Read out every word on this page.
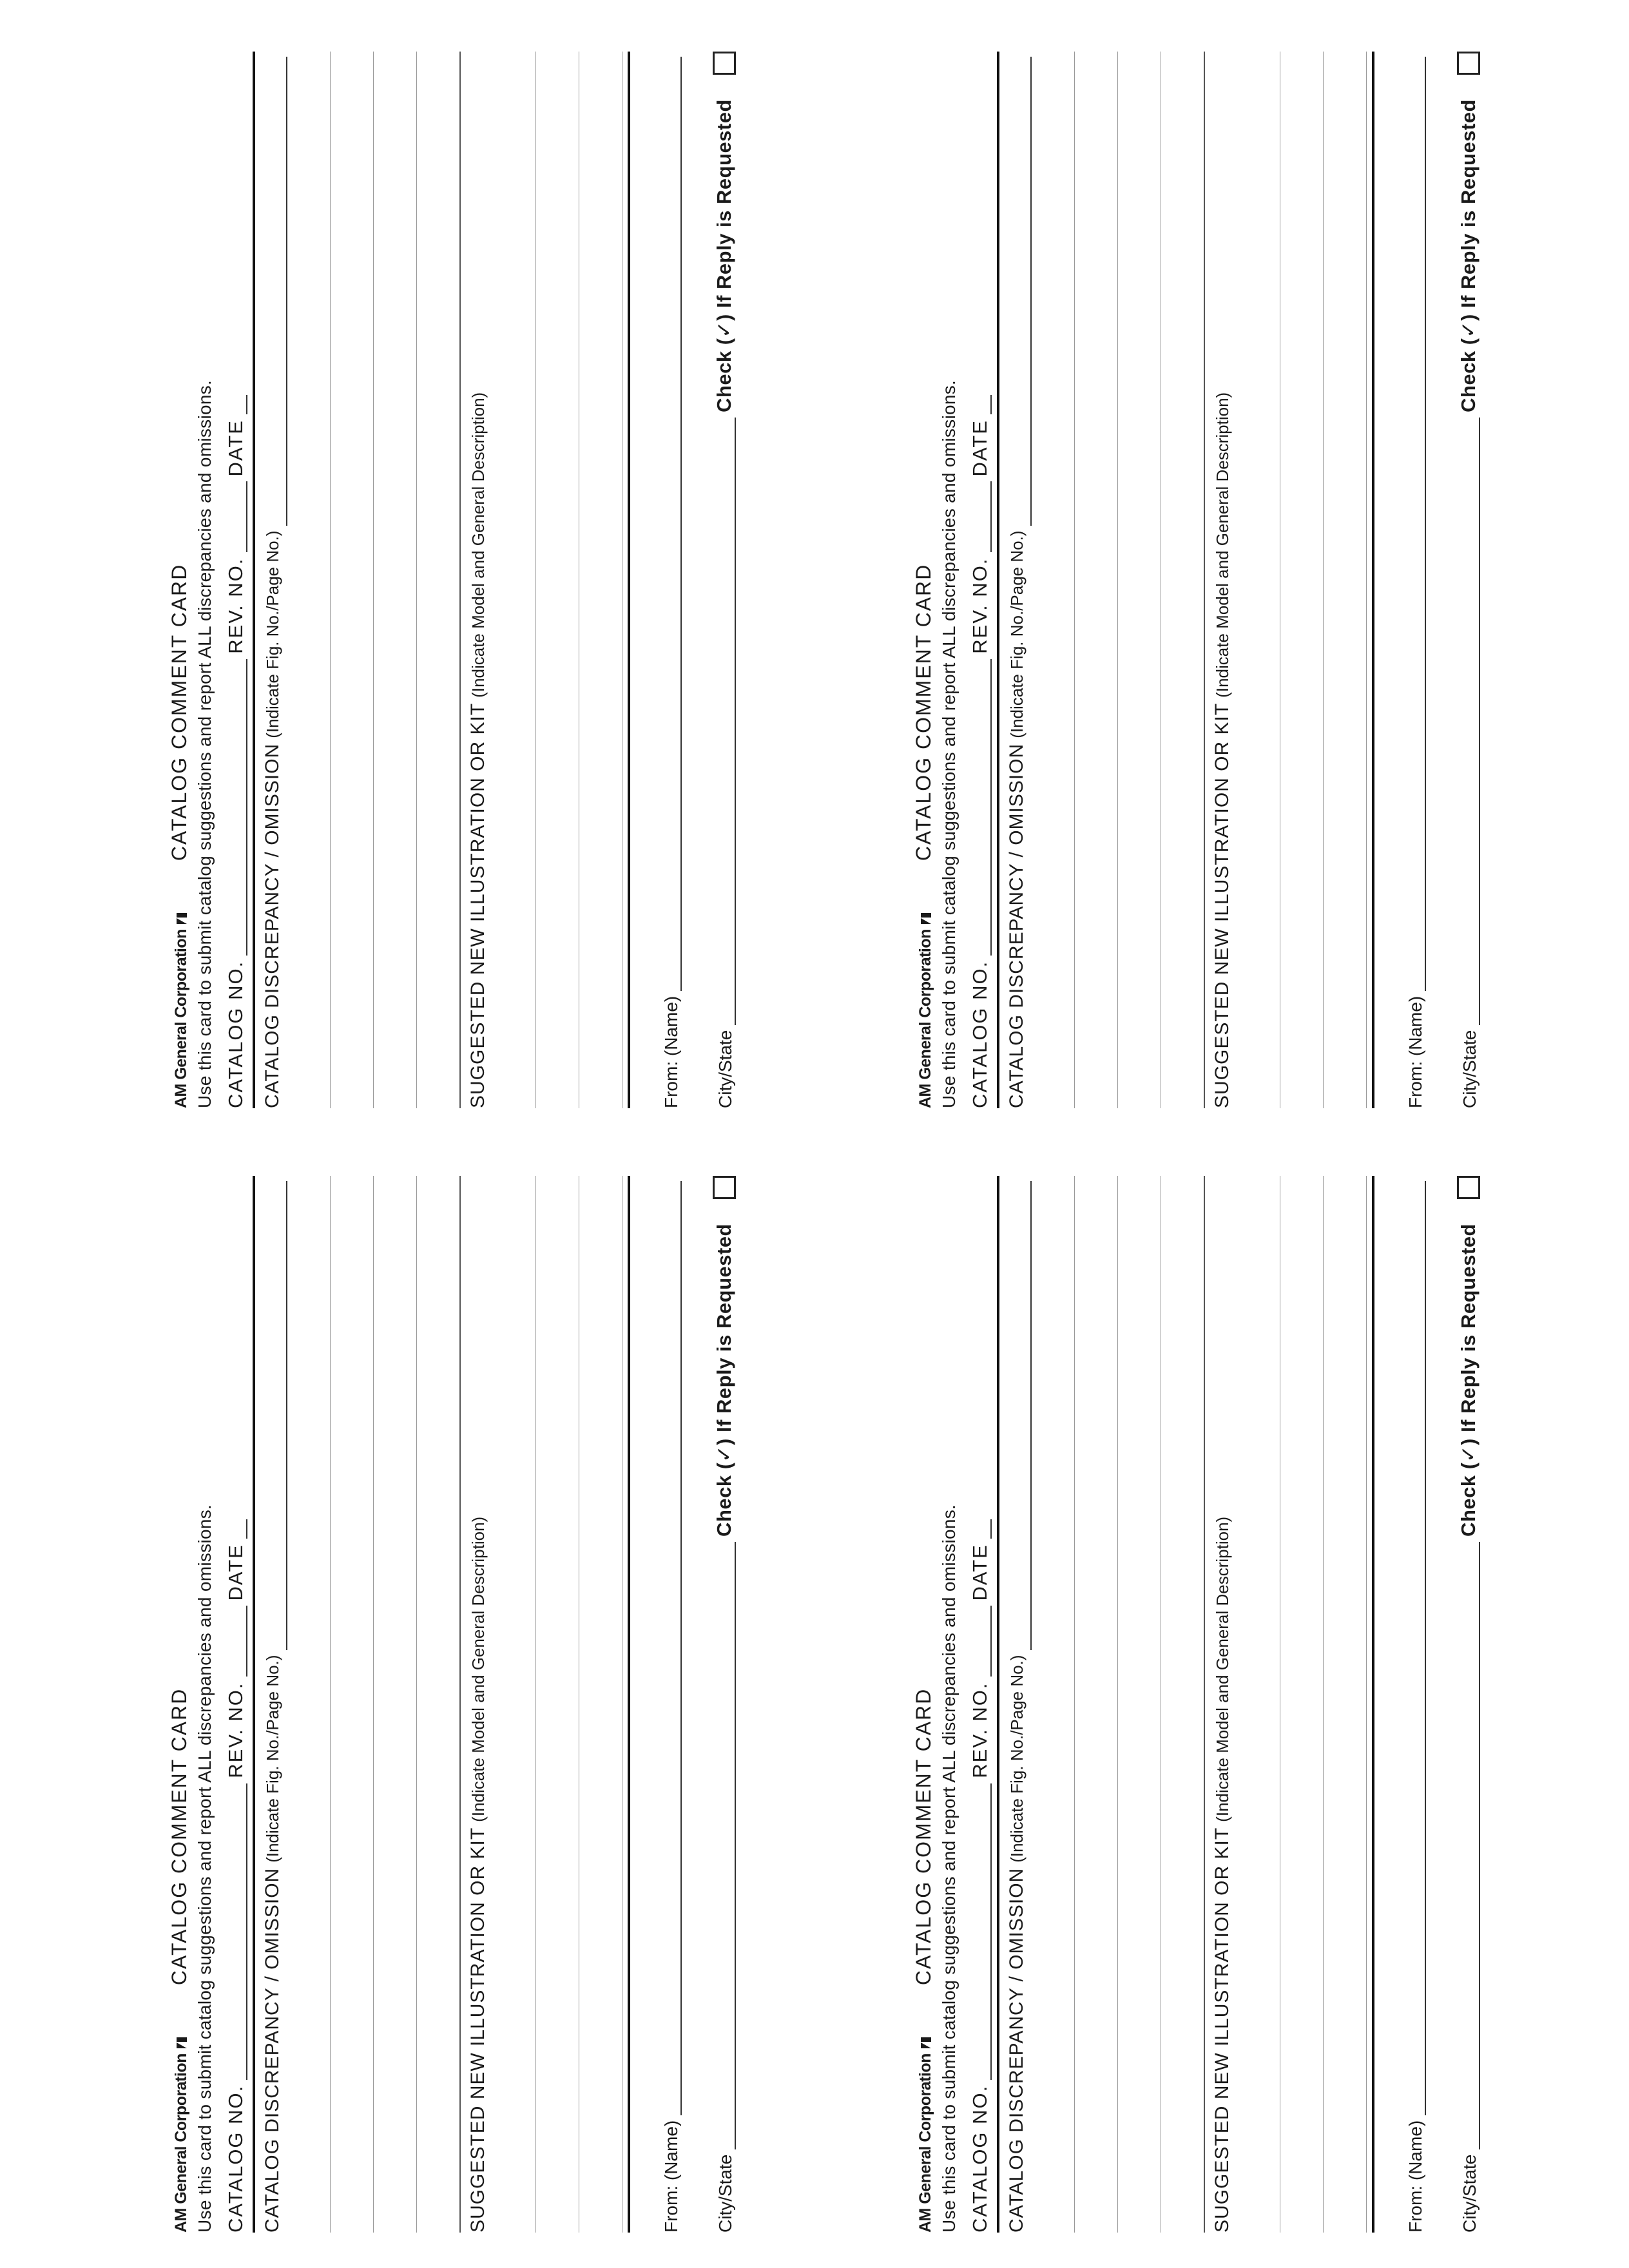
AM General Corporation
CATALOG COMMENT CARD Use this card to submit catalog suggestions and report ALL discrepancies and omissions. CATALOG NO.
REV. NO.
DATE
CATALOG DISCREPANCY / OMISSION
(Indicate Fig. No./Page No.)
SUGGESTED NEW ILLUSTRATION OR KIT
(Indicate Model and General Description)
From: (Name) City/State
Check (✓) If Reply is Requested
AM General Corporation
CATALOG COMMENT CARD Use this card to submit catalog suggestions and report ALL discrepancies and omissions. CATALOG NO.
REV. NO.
DATE
CATALOG DISCREPANCY / OMISSION
(Indicate Fig. No./Page No.)
SUGGESTED NEW ILLUSTRATION OR KIT
(Indicate Model and General Description)
From: (Name) City/State
Check (✓) If Reply is Requested
AM General Corporation
CATALOG COMMENT CARD Use this card to submit catalog suggestions and report ALL discrepancies and omissions. CATALOG NO.
REV. NO.
DATE
CATALOG DISCREPANCY / OMISSION
(Indicate Fig. No./Page No.)
SUGGESTED NEW ILLUSTRATION OR KIT
(Indicate Model and General Description)
From: (Name) City/State
Check (✓) If Reply is Requested
AM General Corporation
CATALOG COMMENT CARD Use this card to submit catalog suggestions and report ALL discrepancies and omissions. CATALOG NO.
REV. NO.
DATE
CATALOG DISCREPANCY / OMISSION
(Indicate Fig. No./Page No.)
SUGGESTED NEW ILLUSTRATION OR KIT
(Indicate Model and General Description)
From: (Name) City/State
Check (✓) If Reply is Requested
